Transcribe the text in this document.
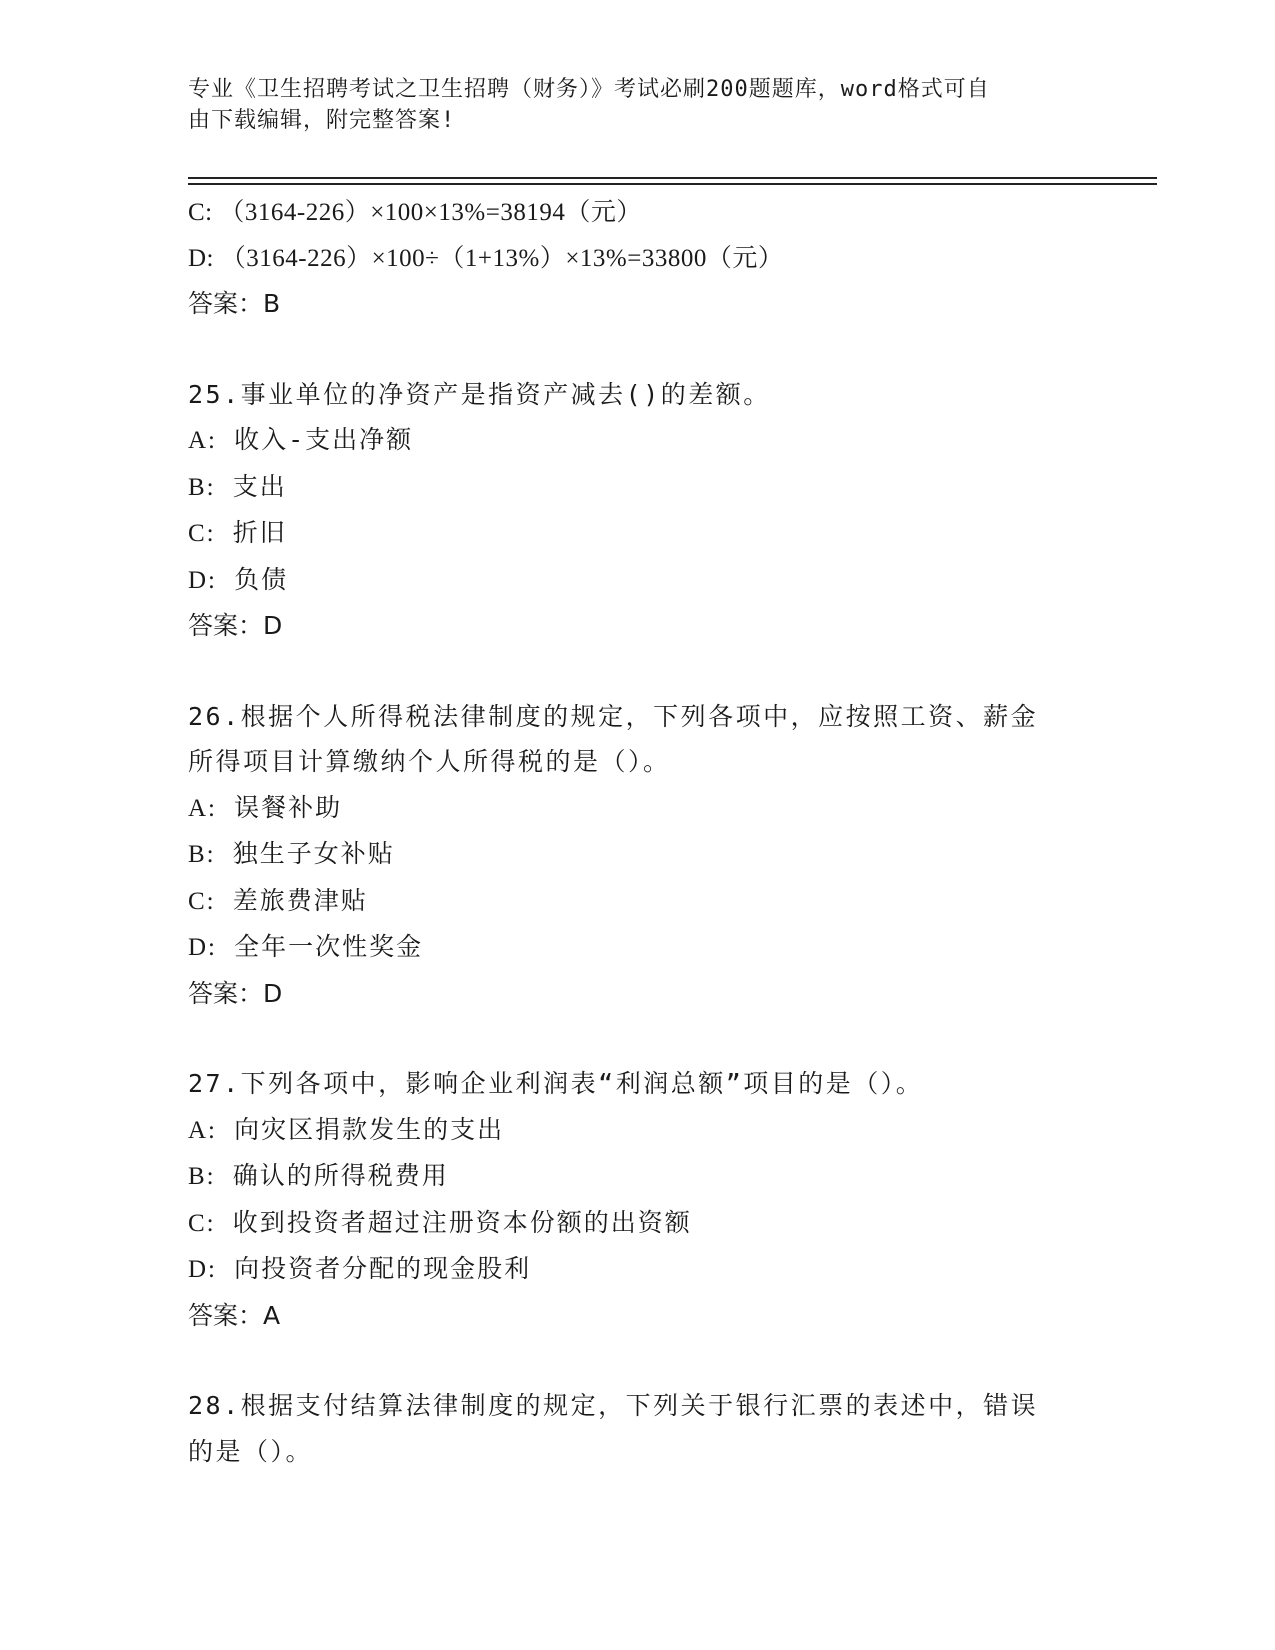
专业《卫生招聘考试之卫生招聘（财务）》考试必刷200题题库，word格式可自
由下载编辑，附完整答案!
C: （3164-226）×100×13%=38194（元）
D: （3164-226）×100÷（1+13%）×13%=33800（元）
答案：B
25.事业单位的净资产是指资产减去()的差额。
A: 收入-支出净额
B: 支出
C: 折旧
D: 负债
答案：D
26.根据个人所得税法律制度的规定，下列各项中，应按照工资、薪金
所得项目计算缴纳个人所得税的是（）。
A: 误餐补助
B: 独生子女补贴
C: 差旅费津贴
D: 全年一次性奖金
答案：D
27.下列各项中，影响企业利润表“利润总额”项目的是（）。
A: 向灾区捐款发生的支出
B: 确认的所得税费用
C: 收到投资者超过注册资本份额的出资额
D: 向投资者分配的现金股利
答案：A
28.根据支付结算法律制度的规定，下列关于银行汇票的表述中，错误
的是（）。
